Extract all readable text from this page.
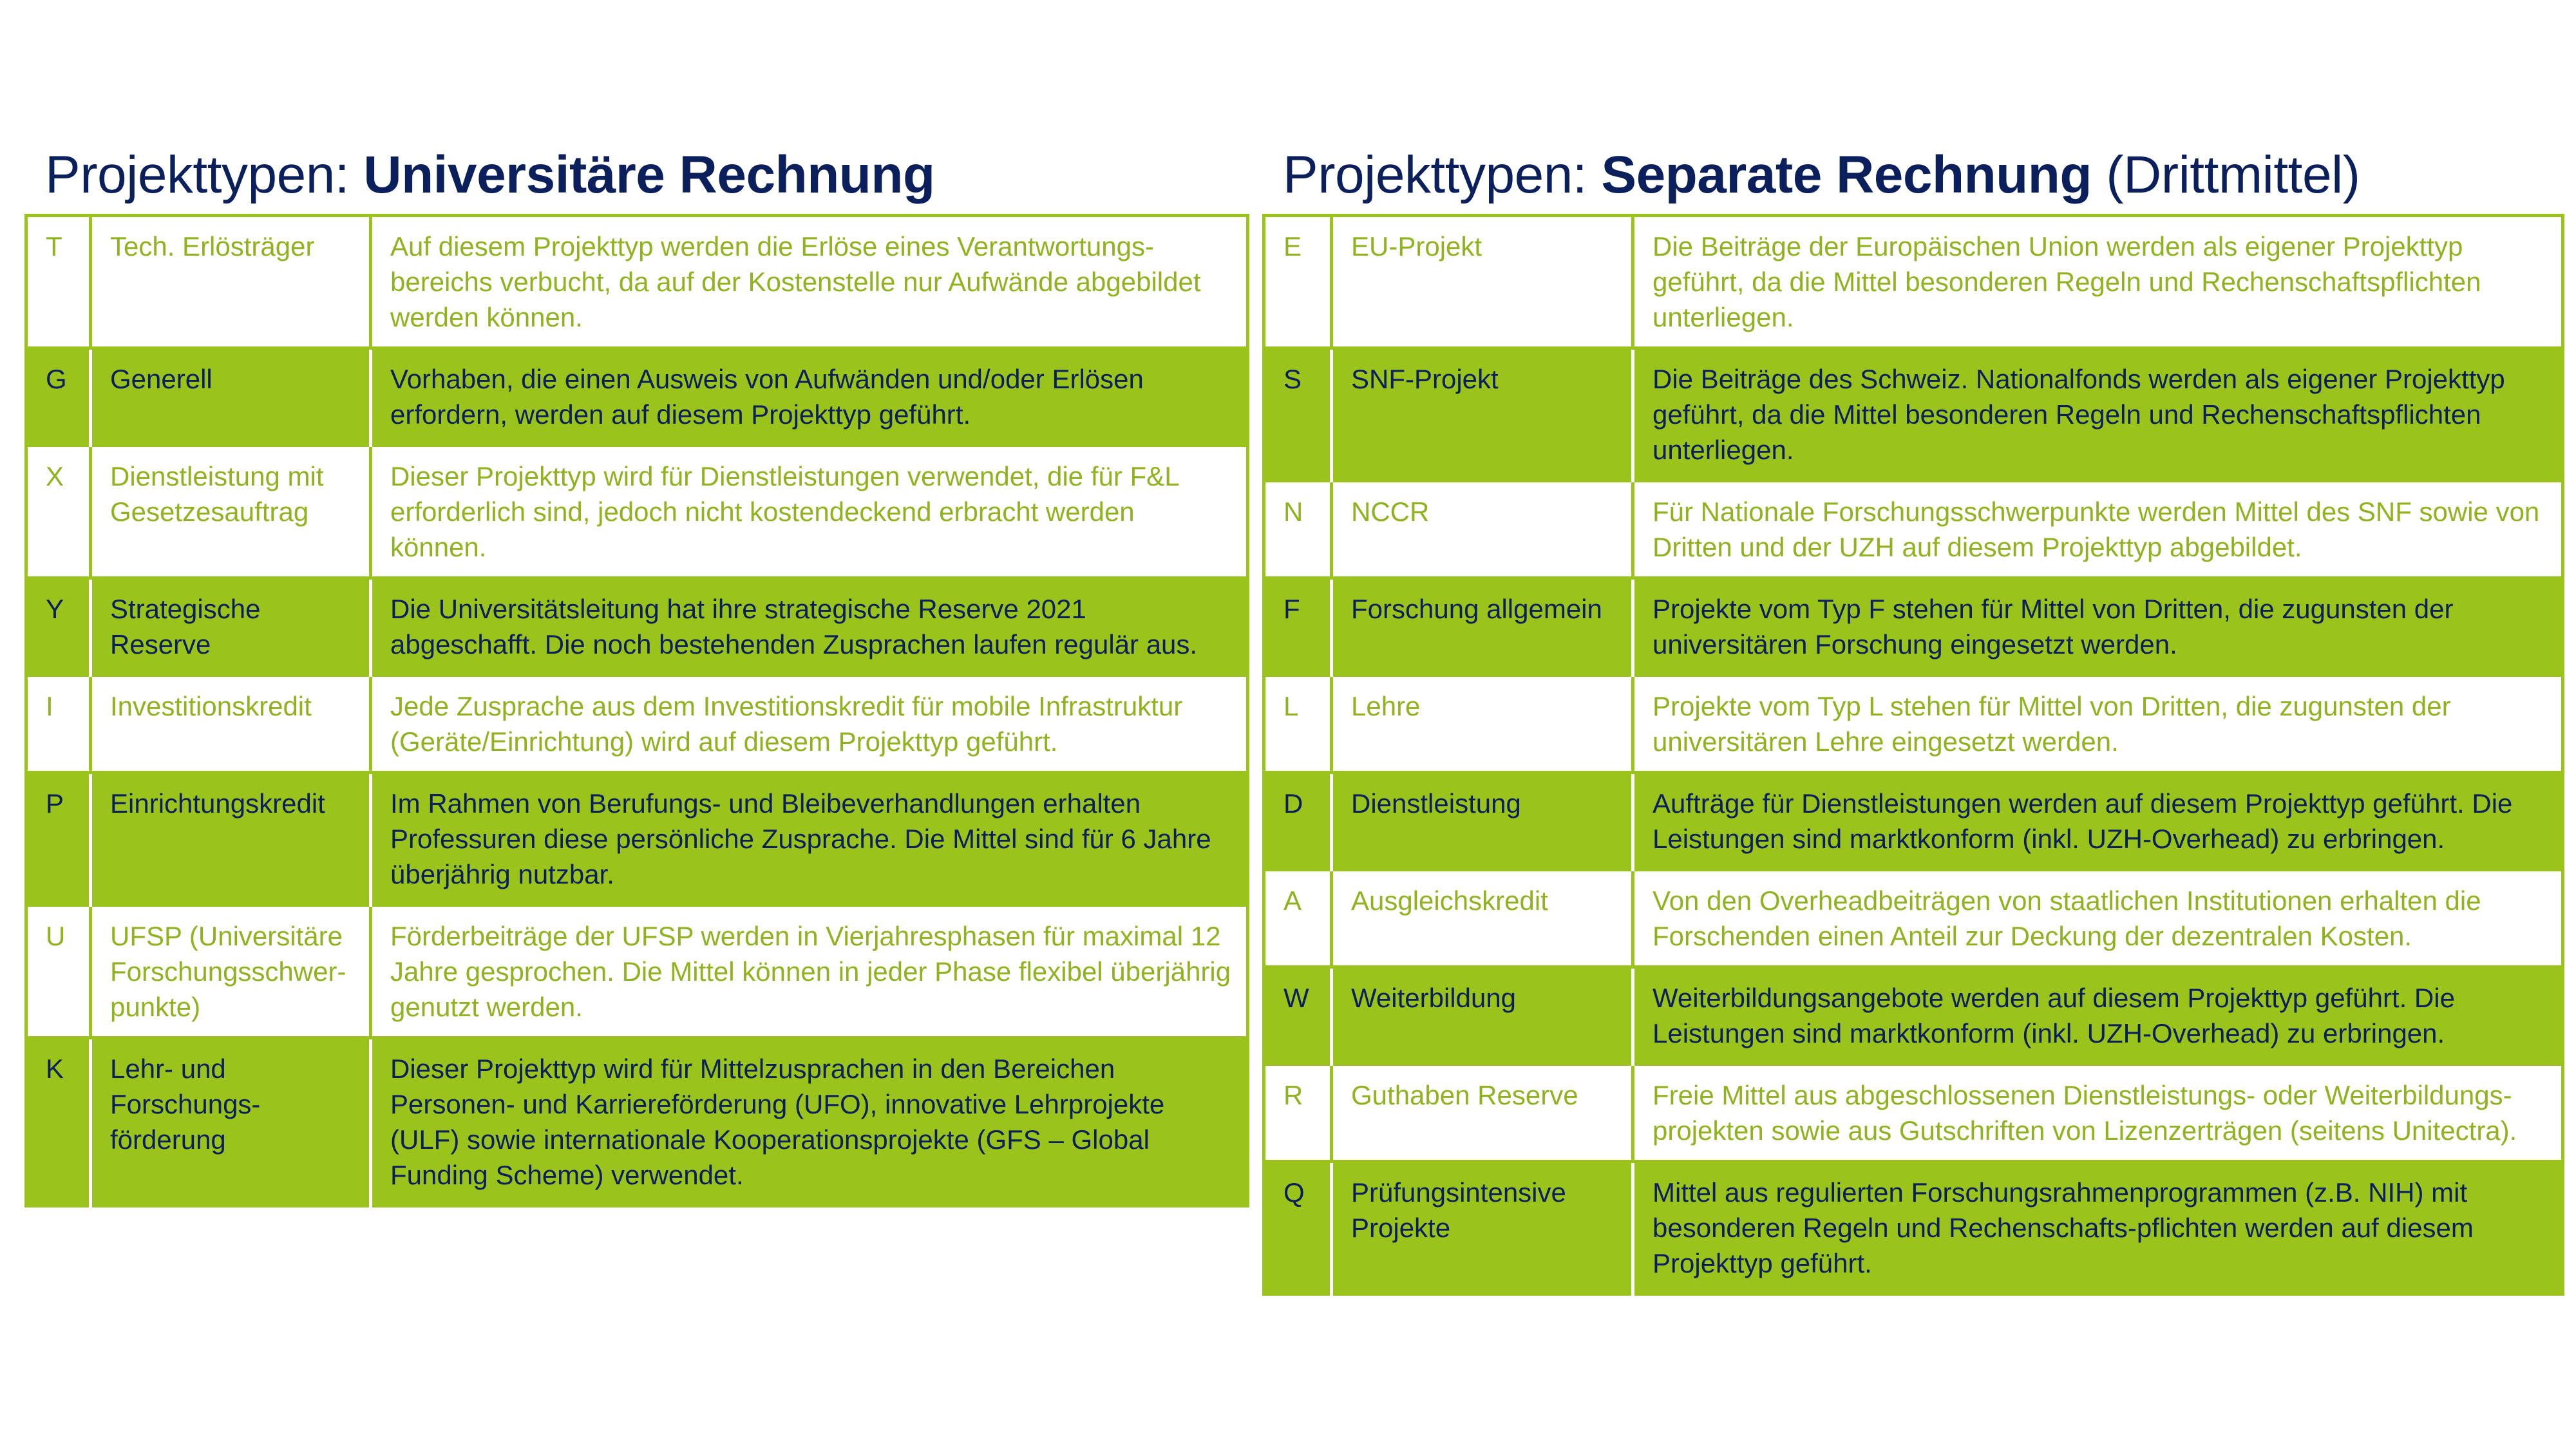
Projekttypen: Universitäre Rechnung
T	Tech. Erlösträger	Auf diesem Projekttyp werden die Erlöse eines Verantwortungs-bereichs verbucht, da auf der Kostenstelle nur Aufwände abgebildet werden können.
G	Generell	Vorhaben, die einen Ausweis von Aufwänden und/oder Erlösen erfordern, werden auf diesem Projekttyp geführt.
X	Dienstleistung mit Gesetzesauftrag	Dieser Projekttyp wird für Dienstleistungen verwendet, die für F&L erforderlich sind, jedoch nicht kostendeckend erbracht werden können.
Y	Strategische Reserve	Die Universitätsleitung hat ihre strategische Reserve 2021 abgeschafft. Die noch bestehenden Zusprachen laufen regulär aus.
I	Investitionskredit	Jede Zusprache aus dem Investitionskredit für mobile Infrastruktur (Geräte/Einrichtung) wird auf diesem Projekttyp geführt.
P	Einrichtungskredit	Im Rahmen von Berufungs- und Bleibeverhandlungen erhalten Professuren diese persönliche Zusprache. Die Mittel sind für 6 Jahre überjährig nutzbar.
U	UFSP (Universitäre Forschungsschwer-punkte)	Förderbeiträge der UFSP werden in Vierjahresphasen für maximal 12 Jahre gesprochen. Die Mittel können in jeder Phase flexibel überjährig genutzt werden.
K	Lehr- und Forschungs-förderung	Dieser Projekttyp wird für Mittelzusprachen in den Bereichen Personen- und Karriereförderung (UFO), innovative Lehrprojekte (ULF) sowie internationale Kooperationsprojekte (GFS – Global Funding Scheme) verwendet.
Projekttypen: Separate Rechnung (Drittmittel)
E	EU-Projekt	Die Beiträge der Europäischen Union werden als eigener Projekttyp geführt, da die Mittel besonderen Regeln und Rechenschaftspflichten unterliegen.
S	SNF-Projekt	Die Beiträge des Schweiz. Nationalfonds werden als eigener Projekttyp geführt, da die Mittel besonderen Regeln und Rechenschaftspflichten unterliegen.
N	NCCR	Für Nationale Forschungsschwerpunkte werden Mittel des SNF sowie von Dritten und der UZH auf diesem Projekttyp abgebildet.
F	Forschung allgemein	Projekte vom Typ F stehen für Mittel von Dritten, die zugunsten der universitären Forschung eingesetzt werden.
L	Lehre	Projekte vom Typ L stehen für Mittel von Dritten, die zugunsten der universitären Lehre eingesetzt werden.
D	Dienstleistung	Aufträge für Dienstleistungen werden auf diesem Projekttyp geführt. Die Leistungen sind marktkonform (inkl. UZH-Overhead) zu erbringen.
A	Ausgleichskredit	Von den Overheadbeiträgen von staatlichen Institutionen erhalten die Forschenden einen Anteil zur Deckung der dezentralen Kosten.
W	Weiterbildung	Weiterbildungsangebote werden auf diesem Projekttyp geführt. Die Leistungen sind marktkonform (inkl. UZH-Overhead) zu erbringen.
R	Guthaben Reserve	Freie Mittel aus abgeschlossenen Dienstleistungs- oder Weiterbildungs-projekten sowie aus Gutschriften von Lizenzerträgen (seitens Unitectra).
Q	Prüfungsintensive Projekte	Mittel aus regulierten Forschungsrahmenprogrammen (z.B. NIH) mit besonderen Regeln und Rechenschafts-pflichten werden auf diesem Projekttyp geführt.
